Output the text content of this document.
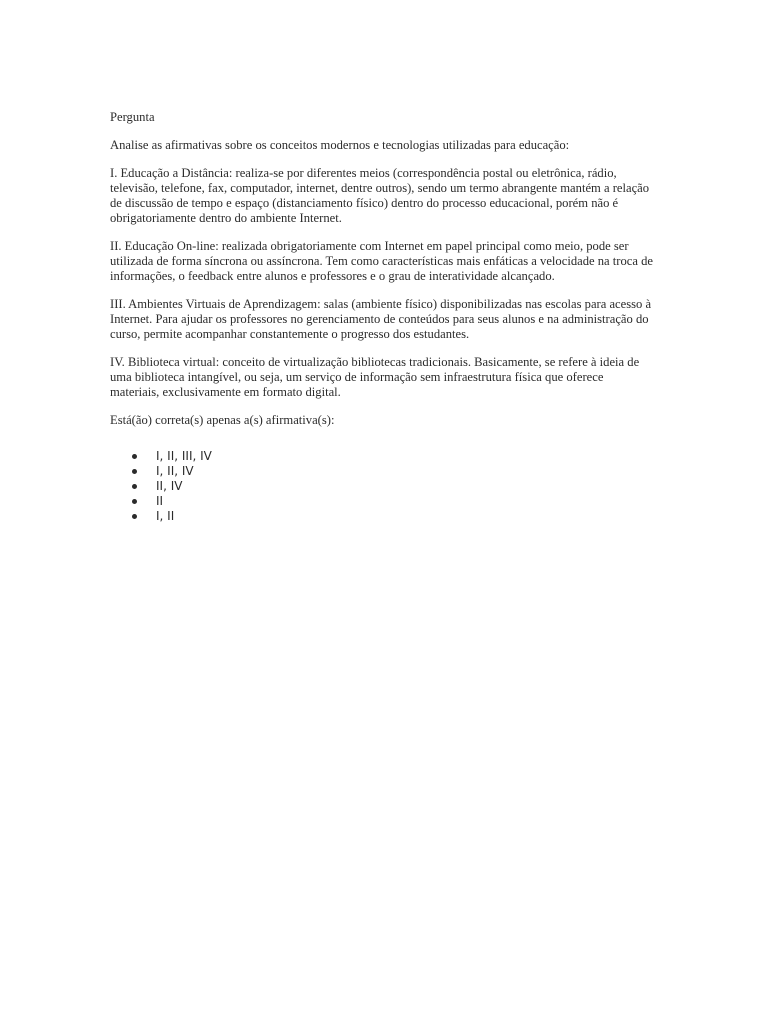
Pergunta
Analise as afirmativas sobre os conceitos modernos e tecnologias utilizadas para educação:
I. Educação a Distância: realiza-se por diferentes meios (correspondência postal ou eletrônica, rádio, televisão, telefone, fax, computador, internet, dentre outros), sendo um termo abrangente mantém a relação de discussão de tempo e espaço (distanciamento físico) dentro do processo educacional, porém não é obrigatoriamente dentro do ambiente Internet.
II. Educação On-line: realizada obrigatoriamente com Internet em papel principal como meio, pode ser utilizada de forma síncrona ou assíncrona. Tem como características mais enfáticas a velocidade na troca de informações, o feedback entre alunos e professores e o grau de interatividade alcançado.
III. Ambientes Virtuais de Aprendizagem: salas (ambiente físico) disponibilizadas nas escolas para acesso à Internet. Para ajudar os professores no gerenciamento de conteúdos para seus alunos e na administração do curso, permite acompanhar constantemente o progresso dos estudantes.
IV. Biblioteca virtual: conceito de virtualização bibliotecas tradicionais. Basicamente, se refere à ideia de uma biblioteca intangível, ou seja, um serviço de informação sem infraestrutura física que oferece materiais, exclusivamente em formato digital.
Está(ão) correta(s) apenas a(s) afirmativa(s):
I, II, III, IV
I, II, IV
II, IV
II
I, II
